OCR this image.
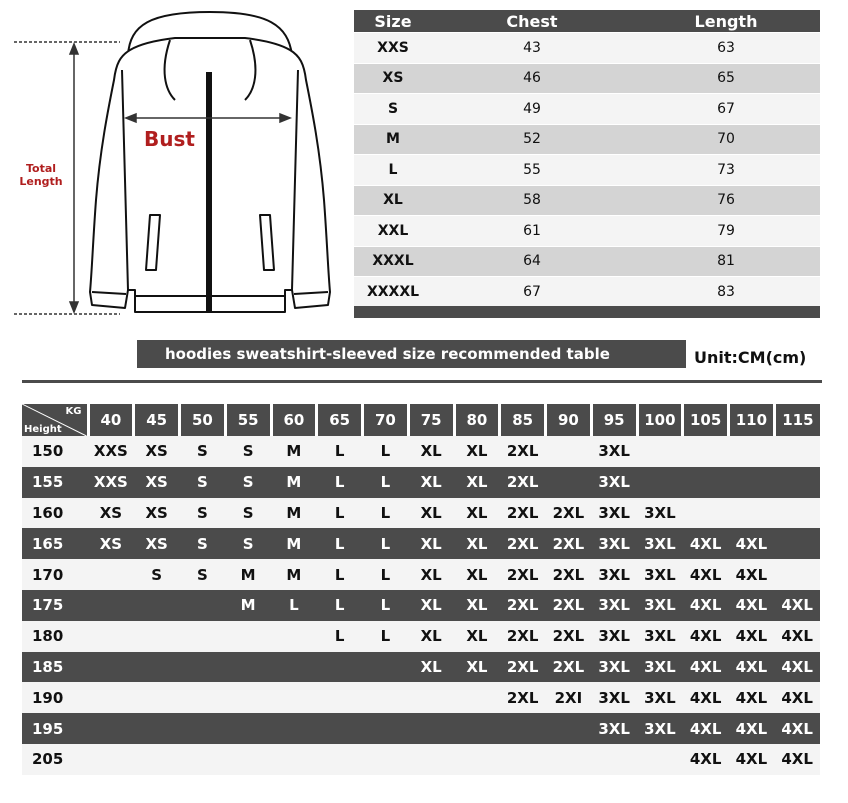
Total
Length
Bust
Size	Chest	Length
XXS	43	63
XS	46	65
S	49	67
M	52	70
L	55	73
XL	58	76
XXL	61	79
XXXL	64	81
XXXXL	67	83
hoodies sweatshirt-sleeved size recommended table	Unit:CM(cm)
KG
Height	40	45	50	55	60	65	70	75	80	85	90	95	100	105	110	115
150	XXS	XS	S	S	M	L	L	XL	XL	2XL		3XL				
155	XXS	XS	S	S	M	L	L	XL	XL	2XL		3XL				
160	XS	XS	S	S	M	L	L	XL	XL	2XL	2XL	3XL	3XL			
165	XS	XS	S	S	M	L	L	XL	XL	2XL	2XL	3XL	3XL	4XL	4XL	
170		S	S	M	M	L	L	XL	XL	2XL	2XL	3XL	3XL	4XL	4XL	
175				M	L	L	L	XL	XL	2XL	2XL	3XL	3XL	4XL	4XL	4XL
180						L	L	XL	XL	2XL	2XL	3XL	3XL	4XL	4XL	4XL
185								XL	XL	2XL	2XL	3XL	3XL	4XL	4XL	4XL
190										2XL	2XI	3XL	3XL	4XL	4XL	4XL
195												3XL	3XL	4XL	4XL	4XL
205														4XL	4XL	4XL
